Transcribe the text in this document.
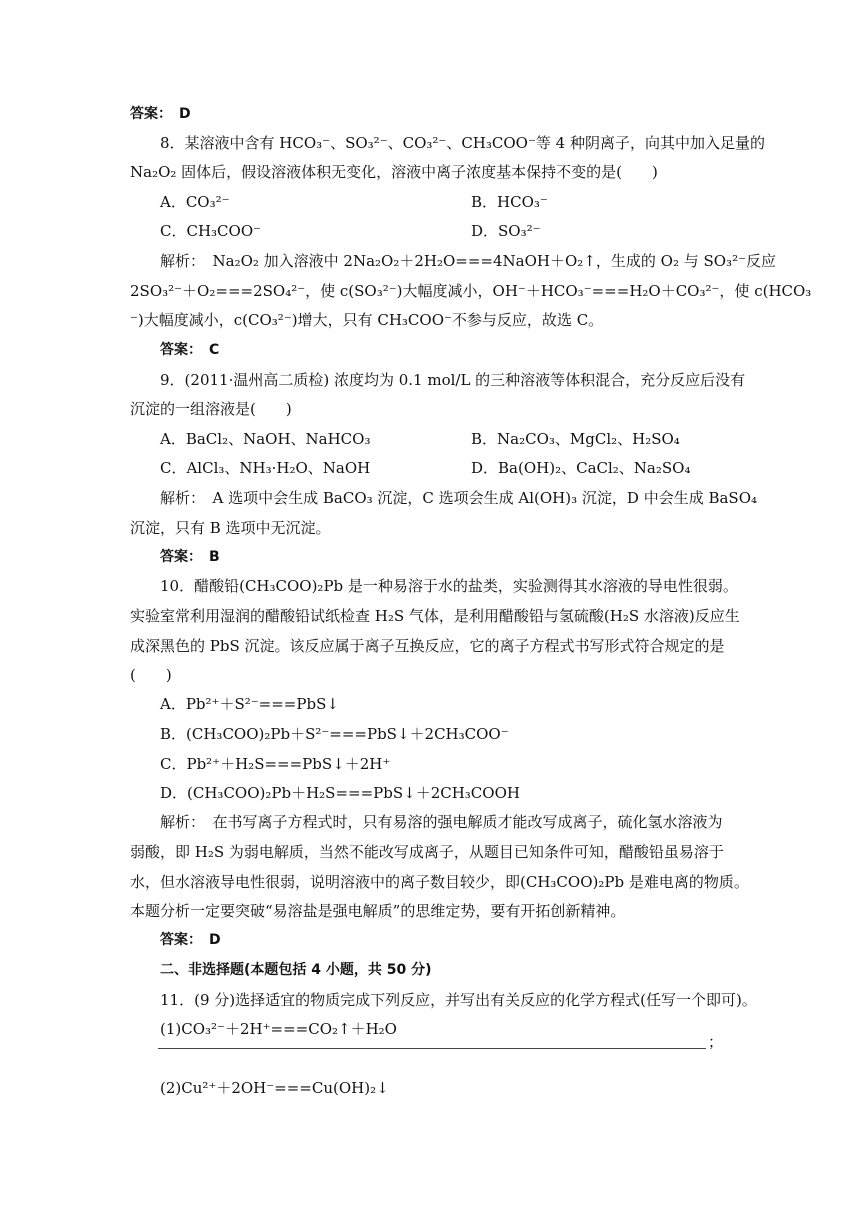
答案：　D
8．某溶液中含有 HCO₃⁻、SO₃²⁻、CO₃²⁻、CH₃COO⁻等 4 种阴离子，向其中加入足量的
Na₂O₂ 固体后，假设溶液体积无变化，溶液中离子浓度基本保持不变的是(　　)
A．CO₃²⁻	B．HCO₃⁻
C．CH₃COO⁻	D．SO₃²⁻
解析：　Na₂O₂ 加入溶液中 2Na₂O₂＋2H₂O===4NaOH＋O₂↑，生成的 O₂ 与 SO₃²⁻反应
2SO₃²⁻＋O₂===2SO₄²⁻，使 c(SO₃²⁻)大幅度减小，OH⁻＋HCO₃⁻===H₂O＋CO₃²⁻，使 c(HCO₃
⁻)大幅度减小，c(CO₃²⁻)增大，只有 CH₃COO⁻不参与反应，故选 C。
答案：　C
9．(2011·温州高二质检) 浓度均为 0.1 mol/L 的三种溶液等体积混合，充分反应后没有
沉淀的一组溶液是(　　)
A．BaCl₂、NaOH、NaHCO₃	B．Na₂CO₃、MgCl₂、H₂SO₄
C．AlCl₃、NH₃·H₂O、NaOH	D．Ba(OH)₂、CaCl₂、Na₂SO₄
解析：　A 选项中会生成 BaCO₃ 沉淀，C 选项会生成 Al(OH)₃ 沉淀，D 中会生成 BaSO₄
沉淀，只有 B 选项中无沉淀。
答案：　B
10．醋酸铅(CH₃COO)₂Pb 是一种易溶于水的盐类，实验测得其水溶液的导电性很弱。
实验室常利用湿润的醋酸铅试纸检查 H₂S 气体，是利用醋酸铅与氢硫酸(H₂S 水溶液)反应生
成深黑色的 PbS 沉淀。该反应属于离子互换反应，它的离子方程式书写形式符合规定的是
(　　)
A．Pb²⁺＋S²⁻===PbS↓
B．(CH₃COO)₂Pb＋S²⁻===PbS↓＋2CH₃COO⁻
C．Pb²⁺＋H₂S===PbS↓＋2H⁺
D．(CH₃COO)₂Pb＋H₂S===PbS↓＋2CH₃COOH
解析：　在书写离子方程式时，只有易溶的强电解质才能改写成离子，硫化氢水溶液为
弱酸，即 H₂S 为弱电解质，当然不能改写成离子，从题目已知条件可知，醋酸铅虽易溶于
水，但水溶液导电性很弱，说明溶液中的离子数目较少，即(CH₃COO)₂Pb 是难电离的物质。
本题分析一定要突破“易溶盐是强电解质”的思维定势，要有开拓创新精神。
答案：　D
二、非选择题(本题包括 4 小题，共 50 分)
11．(9 分)选择适宜的物质完成下列反应，并写出有关反应的化学方程式(任写一个即可)。
(1)CO₃²⁻＋2H⁺===CO₂↑＋H₂O
；
(2)Cu²⁺＋2OH⁻===Cu(OH)₂↓
